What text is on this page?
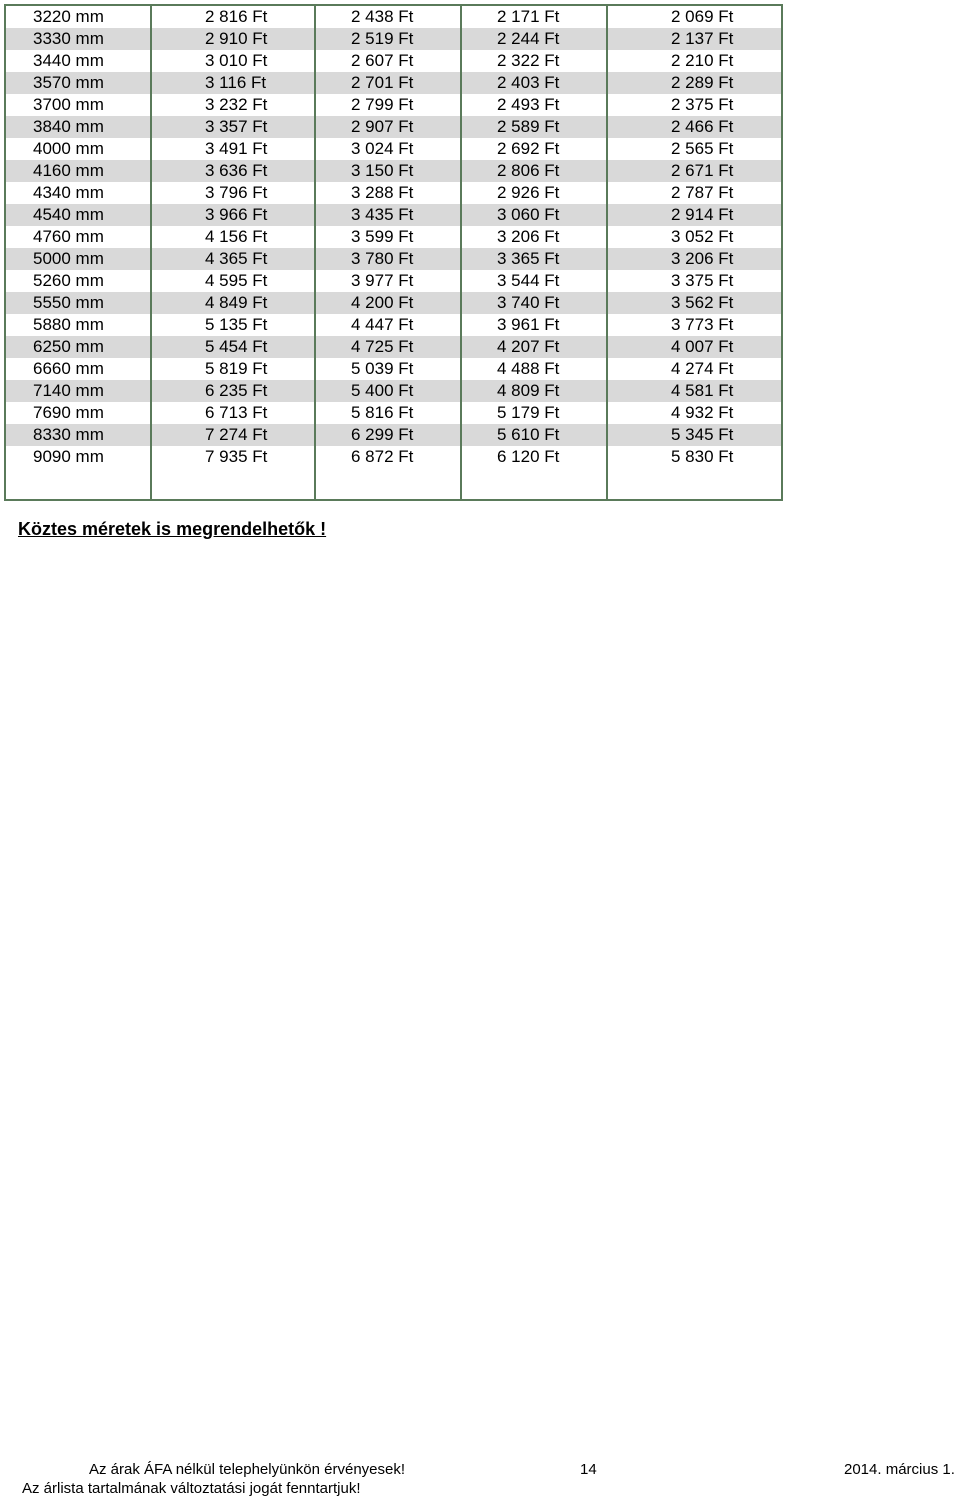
3220 mm	2 816 Ft	2 438 Ft	2 171 Ft	2 069 Ft
3330 mm	2 910 Ft	2 519 Ft	2 244 Ft	2 137 Ft
3440 mm	3 010 Ft	2 607 Ft	2 322 Ft	2 210 Ft
3570 mm	3 116 Ft	2 701 Ft	2 403 Ft	2 289 Ft
3700 mm	3 232 Ft	2 799 Ft	2 493 Ft	2 375 Ft
3840 mm	3 357 Ft	2 907 Ft	2 589 Ft	2 466 Ft
4000 mm	3 491 Ft	3 024 Ft	2 692 Ft	2 565 Ft
4160 mm	3 636 Ft	3 150 Ft	2 806 Ft	2 671 Ft
4340 mm	3 796 Ft	3 288 Ft	2 926 Ft	2 787 Ft
4540 mm	3 966 Ft	3 435 Ft	3 060 Ft	2 914 Ft
4760 mm	4 156 Ft	3 599 Ft	3 206 Ft	3 052 Ft
5000 mm	4 365 Ft	3 780 Ft	3 365 Ft	3 206 Ft
5260 mm	4 595 Ft	3 977 Ft	3 544 Ft	3 375 Ft
5550 mm	4 849 Ft	4 200 Ft	3 740 Ft	3 562 Ft
5880 mm	5 135 Ft	4 447 Ft	3 961 Ft	3 773 Ft
6250 mm	5 454 Ft	4 725 Ft	4 207 Ft	4 007 Ft
6660 mm	5 819 Ft	5 039 Ft	4 488 Ft	4 274 Ft
7140 mm	6 235 Ft	5 400 Ft	4 809 Ft	4 581 Ft
7690 mm	6 713 Ft	5 816 Ft	5 179 Ft	4 932 Ft
8330 mm	7 274 Ft	6 299 Ft	5 610 Ft	5 345 Ft
9090 mm	7 935 Ft	6 872 Ft	6 120 Ft	5 830 Ft

Köztes méretek is megrendelhetők !
Az árak ÁFA nélkül telephelyünkön érvényesek!	14	2014. március 1.
Az árlista tartalmának változtatási jogát fenntartjuk!
